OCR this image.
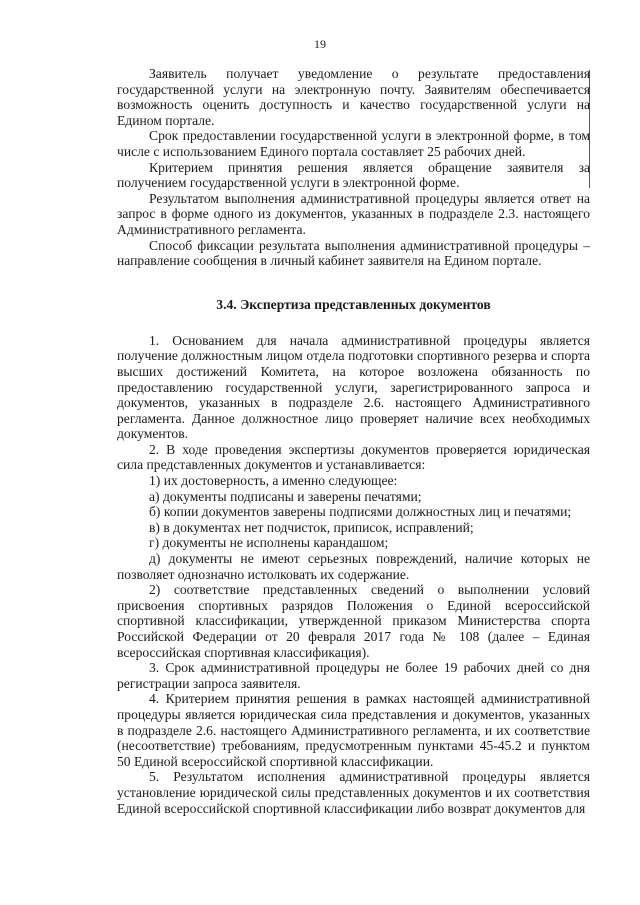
19

Заявитель получает уведомление о результате предоставления государственной услуги на электронную почту. Заявителям обеспечивается возможность оценить доступность и качество государственной услуги на Едином портале.

Срок предоставлении государственной услуги в электронной форме, в том числе с использованием Единого портала составляет 25 рабочих дней.

Критерием принятия решения является обращение заявителя за получением государственной услуги в электронной форме.

Результатом выполнения административной процедуры является ответ на запрос в форме одного из документов, указанных в подразделе 2.3. настоящего Административного регламента.

Способ фиксации результата выполнения административной процедуры – направление сообщения в личный кабинет заявителя на Едином портале.

3.4. Экспертиза представленных документов

1. Основанием для начала административной процедуры является получение должностным лицом отдела подготовки спортивного резерва и спорта высших достижений Комитета, на которое возложена обязанность по предоставлению государственной услуги, зарегистрированного запроса и документов, указанных в подразделе 2.6. настоящего Административного регламента. Данное должностное лицо проверяет наличие всех необходимых документов.

2. В ходе проведения экспертизы документов проверяется юридическая сила представленных документов и устанавливается:

1) их достоверность, а именно следующее:

а) документы подписаны и заверены печатями;

б) копии документов заверены подписями должностных лиц и печатями;

в) в документах нет подчисток, приписок, исправлений;

г) документы не исполнены карандашом;

д) документы не имеют серьезных повреждений, наличие которых не позволяет однозначно истолковать их содержание.

2) соответствие представленных сведений о выполнении условий присвоения спортивных разрядов Положения о Единой всероссийской спортивной классификации, утвержденной приказом Министерства спорта Российской Федерации от 20 февраля 2017 года № 108 (далее – Единая всероссийская спортивная классификация).

3. Срок административной процедуры не более 19 рабочих дней со дня регистрации запроса заявителя.

4. Критерием принятия решения в рамках настоящей административной процедуры является юридическая сила представления и документов, указанных в подразделе 2.6. настоящего Административного регламента, и их соответствие (несоответствие) требованиям, предусмотренным пунктами 45-45.2 и пунктом 50 Единой всероссийской спортивной классификации.

5. Результатом исполнения административной процедуры является установление юридической силы представленных документов и их соответствия Единой всероссийской спортивной классификации либо возврат документов для
